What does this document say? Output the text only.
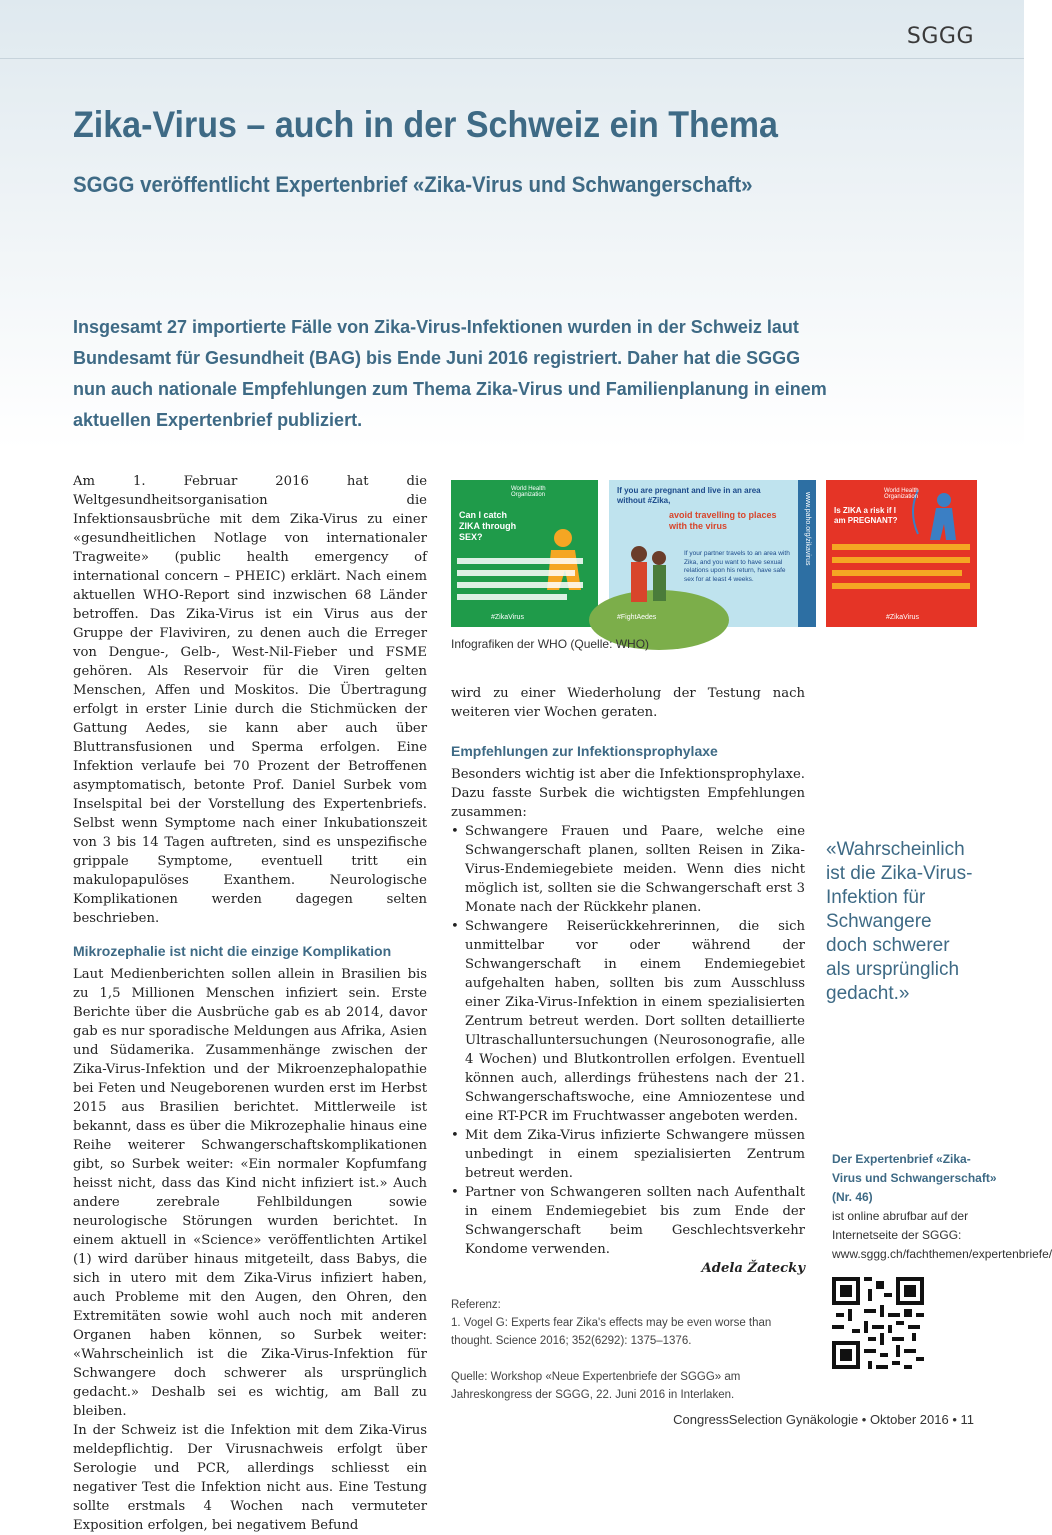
SGGG
Zika-Virus – auch in der Schweiz ein Thema
SGGG veröffentlicht Expertenbrief «Zika-Virus und Schwangerschaft»

Insgesamt 27 importierte Fälle von Zika-Virus-Infektionen wurden in der Schweiz laut Bundesamt für Gesundheit (BAG) bis Ende Juni 2016 registriert. Daher hat die SGGG nun auch nationale Empfehlungen zum Thema Zika-Virus und Familienplanung in einem aktuellen Expertenbrief publiziert.

Am 1. Februar 2016 hat die Weltgesundheitsorganisation die Infektionsausbrüche mit dem Zika-Virus zu einer «gesundheitlichen Notlage von internationaler Tragweite» (public health emergency of international concern – PHEIC) erklärt. Nach einem aktuellen WHO-Report sind inzwischen 68 Länder betroffen. Das Zika-Virus ist ein Virus aus der Gruppe der Flaviviren, zu denen auch die Erreger von Dengue-, Gelb-, West-Nil-Fieber und FSME gehören. Als Reservoir für die Viren gelten Menschen, Affen und Moskitos. Die Übertragung erfolgt in erster Linie durch die Stichmücken der Gattung Aedes, sie kann aber auch über Bluttransfusionen und Sperma erfolgen. Eine Infektion verlaufe bei 70 Prozent der Betroffenen asymptomatisch, betonte Prof. Daniel Surbek vom Inselspital bei der Vorstellung des Expertenbriefs. Selbst wenn Symptome nach einer Inkubationszeit von 3 bis 14 Tagen auftreten, sind es unspezifische grippale Symptome, eventuell tritt ein makulopapulöses Exanthem. Neurologische Komplikationen werden dagegen selten beschrieben.

Mikrozephalie ist nicht die einzige Komplikation

Laut Medienberichten sollen allein in Brasilien bis zu 1,5 Millionen Menschen infiziert sein. Erste Berichte über die Ausbrüche gab es ab 2014, davor gab es nur sporadische Meldungen aus Afrika, Asien und Südamerika. Zusammenhänge zwischen der Zika-Virus-Infektion und der Mikroenzephalopathie bei Feten und Neugeborenen wurden erst im Herbst 2015 aus Brasilien berichtet. Mittlerweile ist bekannt, dass es über die Mikrozephalie hinaus eine Reihe weiterer Schwangerschaftskomplikationen gibt, so Surbek weiter: «Ein normaler Kopfumfang heisst nicht, dass das Kind nicht infiziert ist.» Auch andere zerebrale Fehlbildungen sowie neurologische Störungen wurden berichtet. In einem aktuell in «Science» veröffentlichten Artikel (1) wird darüber hinaus mitgeteilt, dass Babys, die sich in utero mit dem Zika-Virus infiziert haben, auch Probleme mit den Augen, den Ohren, den Extremitäten sowie wohl auch noch mit anderen Organen haben können, so Surbek weiter: «Wahrscheinlich ist die Zika-Virus-Infektion für Schwangere doch schwerer als ursprünglich gedacht.» Deshalb sei es wichtig, am Ball zu bleiben.

In der Schweiz ist die Infektion mit dem Zika-Virus meldepflichtig. Der Virusnachweis erfolgt über Serologie und PCR, allerdings schliesst ein negativer Test die Infektion nicht aus. Eine Testung sollte erstmals 4 Wochen nach vermuteter Exposition erfolgen, bei negativem Befund

World Health Organization
Can I catch ZIKA through SEX?
#ZikaVirus
If you are pregnant and live in an area without #Zika,
avoid travelling to places with the virus
If your partner travels to an area with Zika, and you want to have sexual relations upon his return, have safe sex for at least 4 weeks.
#FightAedes
www.paho.org/zikavirus
World Health Organization
Is ZIKA a risk if I am PREGNANT?
#ZikaVirus
Infografiken der WHO (Quelle: WHO)

wird zu einer Wiederholung der Testung nach weiteren vier Wochen geraten.

Empfehlungen zur Infektionsprophylaxe

Besonders wichtig ist aber die Infektionsprophylaxe. Dazu fasste Surbek die wichtigsten Empfehlungen zusammen:

• Schwangere Frauen und Paare, welche eine Schwangerschaft planen, sollten Reisen in Zika-Virus-Endemiegebiete meiden. Wenn dies nicht möglich ist, sollten sie die Schwangerschaft erst 3 Monate nach der Rückkehr planen.
• Schwangere Reiserückkehrerinnen, die sich unmittelbar vor oder während der Schwangerschaft in einem Endemiegebiet aufgehalten haben, sollten bis zum Ausschluss einer Zika-Virus-Infektion in einem spezialisierten Zentrum betreut werden. Dort sollten detaillierte Ultraschalluntersuchungen (Neurosonografie, alle 4 Wochen) und Blutkontrollen erfolgen. Eventuell können auch, allerdings frühestens nach der 21. Schwangerschaftswoche, eine Amniozentese und eine RT-PCR im Fruchtwasser angeboten werden.
• Mit dem Zika-Virus infizierte Schwangere müssen unbedingt in einem spezialisierten Zentrum betreut werden.
• Partner von Schwangeren sollten nach Aufenthalt in einem Endemiegebiet bis zum Ende der Schwangerschaft beim Geschlechtsverkehr Kondome verwenden.

Adela Žatecky

Referenz:

1. Vogel G: Experts fear Zika's effects may be even worse than thought. Science 2016; 352(6292): 1375–1376.

Quelle: Workshop «Neue Expertenbriefe der SGGG» am Jahreskongress der SGGG, 22. Juni 2016 in Interlaken.

«Wahrscheinlich ist die Zika-Virus-Infektion für Schwangere doch schwerer als ursprünglich gedacht.»

Der Expertenbrief «Zika-Virus und Schwangerschaft» (Nr. 46)
ist online abrufbar auf der Internetseite der SGGG: www.sggg.ch/fachthemen/expertenbriefe/
CongressSelection Gynäkologie • Oktober 2016 • 11
